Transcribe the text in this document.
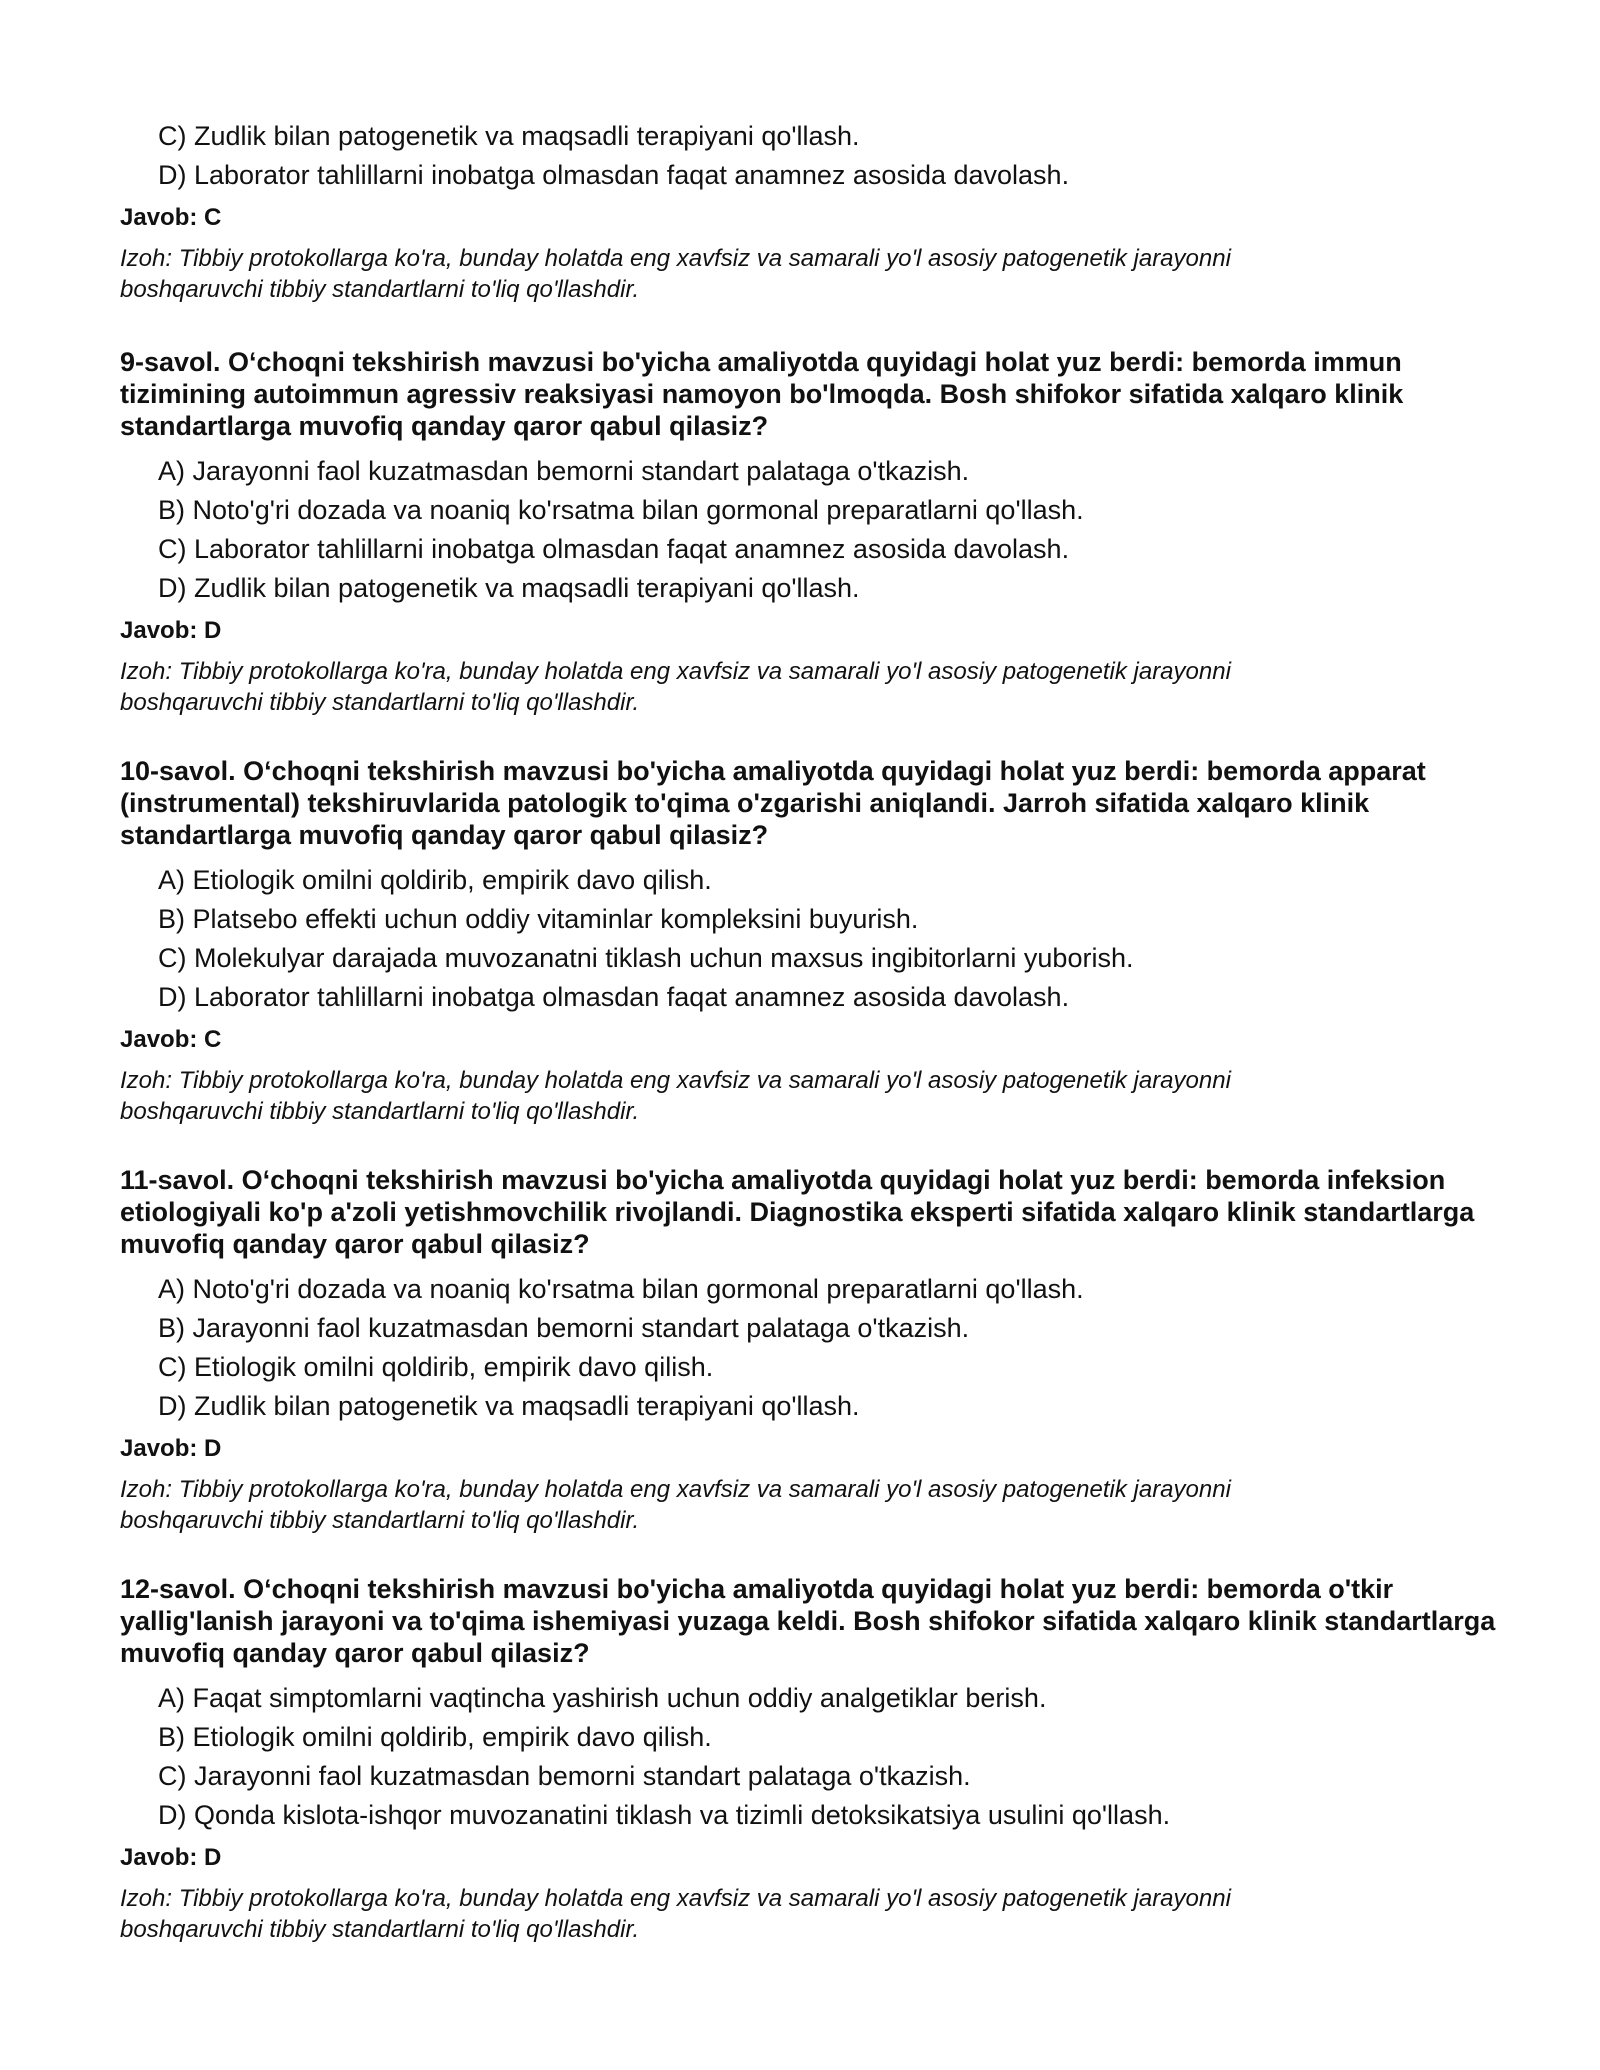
C) Zudlik bilan patogenetik va maqsadli terapiyani qo'llash.
D) Laborator tahlillarni inobatga olmasdan faqat anamnez asosida davolash.
Javob: C
Izoh: Tibbiy protokollarga ko'ra, bunday holatda eng xavfsiz va samarali yo'l asosiy patogenetik jarayonni boshqaruvchi tibbiy standartlarni to'liq qo'llashdir.
9-savol. O‘choqni tekshirish mavzusi bo'yicha amaliyotda quyidagi holat yuz berdi: bemorda immun tizimining autoimmun agressiv reaksiyasi namoyon bo'lmoqda. Bosh shifokor sifatida xalqaro klinik standartlarga muvofiq qanday qaror qabul qilasiz?
A) Jarayonni faol kuzatmasdan bemorni standart palataga o'tkazish.
B) Noto'g'ri dozada va noaniq ko'rsatma bilan gormonal preparatlarni qo'llash.
C) Laborator tahlillarni inobatga olmasdan faqat anamnez asosida davolash.
D) Zudlik bilan patogenetik va maqsadli terapiyani qo'llash.
Javob: D
Izoh: Tibbiy protokollarga ko'ra, bunday holatda eng xavfsiz va samarali yo'l asosiy patogenetik jarayonni boshqaruvchi tibbiy standartlarni to'liq qo'llashdir.
10-savol. O‘choqni tekshirish mavzusi bo'yicha amaliyotda quyidagi holat yuz berdi: bemorda apparat (instrumental) tekshiruvlarida patologik to'qima o'zgarishi aniqlandi. Jarroh sifatida xalqaro klinik standartlarga muvofiq qanday qaror qabul qilasiz?
A) Etiologik omilni qoldirib, empirik davo qilish.
B) Platsebo effekti uchun oddiy vitaminlar kompleksini buyurish.
C) Molekulyar darajada muvozanatni tiklash uchun maxsus ingibitorlarni yuborish.
D) Laborator tahlillarni inobatga olmasdan faqat anamnez asosida davolash.
Javob: C
Izoh: Tibbiy protokollarga ko'ra, bunday holatda eng xavfsiz va samarali yo'l asosiy patogenetik jarayonni boshqaruvchi tibbiy standartlarni to'liq qo'llashdir.
11-savol. O‘choqni tekshirish mavzusi bo'yicha amaliyotda quyidagi holat yuz berdi: bemorda infeksion etiologiyali ko'p a'zoli yetishmovchilik rivojlandi. Diagnostika eksperti sifatida xalqaro klinik standartlarga muvofiq qanday qaror qabul qilasiz?
A) Noto'g'ri dozada va noaniq ko'rsatma bilan gormonal preparatlarni qo'llash.
B) Jarayonni faol kuzatmasdan bemorni standart palataga o'tkazish.
C) Etiologik omilni qoldirib, empirik davo qilish.
D) Zudlik bilan patogenetik va maqsadli terapiyani qo'llash.
Javob: D
Izoh: Tibbiy protokollarga ko'ra, bunday holatda eng xavfsiz va samarali yo'l asosiy patogenetik jarayonni boshqaruvchi tibbiy standartlarni to'liq qo'llashdir.
12-savol. O‘choqni tekshirish mavzusi bo'yicha amaliyotda quyidagi holat yuz berdi: bemorda o'tkir yallig'lanish jarayoni va to'qima ishemiyasi yuzaga keldi. Bosh shifokor sifatida xalqaro klinik standartlarga muvofiq qanday qaror qabul qilasiz?
A) Faqat simptomlarni vaqtincha yashirish uchun oddiy analgetiklar berish.
B) Etiologik omilni qoldirib, empirik davo qilish.
C) Jarayonni faol kuzatmasdan bemorni standart palataga o'tkazish.
D) Qonda kislota-ishqor muvozanatini tiklash va tizimli detoksikatsiya usulini qo'llash.
Javob: D
Izoh: Tibbiy protokollarga ko'ra, bunday holatda eng xavfsiz va samarali yo'l asosiy patogenetik jarayonni boshqaruvchi tibbiy standartlarni to'liq qo'llashdir.
